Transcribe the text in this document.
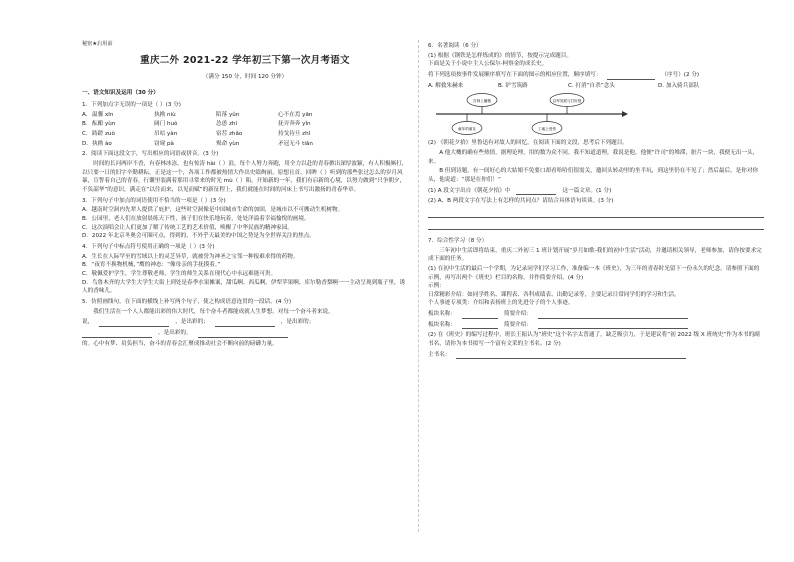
秘密★启用前

重庆二外 2021-22 学年初三下第一次月考语文

（满分 150 分，时间 120 分钟）

一、语文知识及运用（30 分）

1．下列加点字无误的一项是（ ）(3 分)

A. 温馨 xīn	执拗 niù	陌落 yǔn	心不在焉 yān
B. 酝酿 yùn	阔门 huò	怂恿 zhí	抚弄奔奔 yǐn
C. 踌蹉 zuò	吊唁 yàn	宿茬 zhǎo	持戈待旦 zhǐ
D. 执拗 ào	窃窥 pà	殒命 yùn	矛冠无斗 tiǎn

2．阅读下面这段文字，写出相应的词语或拼音。(3 分)

时间的长河两岸不香，有春林冰冻，也有惊涛 hài（ ）浪。每个人努力奔跑，用全力以赴的青春掀出深厚波颖，有人积极厮打，以只要一日的旧字辛勤耕耘，正是这一个，各项工作都被热情大作出史绩绚丽。原想且首，回眸（ ）听到的那些张过怎么的岁月风暴，宣誓着自己的青春，行囊里装满着那用寻常来的时光 mù（ ）陷。开始新的一年，我们有启新的心境，以努力做到“只争朝夕，不负韶华”的意识，满走在“以往而来，以见而赋”的新征程上，我们就能在时间的河床上书写出激扬的青春华章。

3．下列句子中加点的词语使用不恰当的一项是（ ）(3 分)

A．越南时空洞内先辈人提供了庇护，这些时空洞像是中国城市生命的加固，是城市以不可搬动生机树物。

B．公园里，老人们在放射晨练天下性，孩子们在快乐地玩着，处处洋溢着幸福愉悦的画境。

C．这次演唱会让人们更加了解了传统工艺的艺术价值，唤醒了中华民族的精神家园。

D．2022 年北京冬奥会可圈可点，得到的，不外乎天最美的中国之势是为全世界关注的焦点。

4．下列句子中标点符号使用正确的一项是（ ）(3 分)

A．生长在人际罕至的雪域以上的灵芝异草，就被誉为神圣之宝邻一种报难求得的药物。

B．“夜宵不换物机械，”鹰的神态：“像母亲的手抚摸着。”

C．敬佩爱护学生，学生尊敬老师，学生的师生关系在现代心中永远难能可贵。

D．鸟鲁木齐的大学生大学生大街上到处是春季水果摊案，甜瓜啊、西瓜啊、伊犁苹果啊、库尔勒香梨啊一一主动呈现到瓶子里，诱人的香味儿。

5．仿照画线句，在下面的横线上补写两个句子，使之构成语意连贯的一段话。(4 分)

我们生活在一个人人都能出彩的伟大时代，每个奋斗者都能成就人生梦想。对每一个奋斗者来说，

说，	，是出彩的；	，是出彩的；
，是出彩的。

的。心中有梦、肩负担当，奋斗的青春会汇聚成推动社会不断向前的磅礴力量。

6．名著阅读（6 分）

(1) 根据《钢铁是怎样炼成的》的情节，按提示完成题目。

下面是关于小说中主人公保尔·柯察金的成长史。

将下列选项按事件发展顺序填写在下面的图示的相应位置，顺序填写：	（序号）(2 分)
A. 解救朱赫来	B. 铲雪筑路	C. 打消“自杀”念头	D. 加入骑兵部队
在林上播粮	以军发展与打好基
童年的朋友	工地上受伤

(2) 《朝花夕拾》里鲁迅有对故人的回忆。在阅读下面的文段，思考后下列题目。

A 他大概的确有些热情，据理论理，用的数为众不同。我不知道道理，我说是他，他便“许司”的堆滞，脏片一块，我便无出一头，来。

B 但到诗题，有一间好心的大姑娘不免要口却看哈哈们很需关，邀回头转动里的坐半坑，到这里仍在不见了；然后最后，是你对你头，他说道：“那是在你们！”

(1) A 段文字出自《朝花夕拾》中	这一篇文章。(1 分)

(2) A、B 两段文字在写法上有怎样的共同点？请结合具体语句谈谈。(3 分)

7．综合性学习（8 分）

三年初中生活即将结束，重庆二外初三 1 班计划开展“岁月如歌-我们的初中生活”活动，并邀请相关领导，老师参加，请你按要求完成下面的任务。

(1) 在初中生活的最后一个学期，为记录同学们学习工作，准备编一本《班史》，为三年的青春时光留下一份永久的纪念。请参照下面的示例，再写出两个《班史》栏目的名称，并作简要介绍。(4 分)

示例：

日常精彩介绍：如同学姓名、课程表、各科成绩表、出勤记录等，主要记录日常同学们的学习和生活。

个人事迹专项类：介绍和表扬班上的先进分子的个人事迹。

板块名称：	简要介绍：
板块名称：	简要介绍：

(2) 在《班史》的编写过程中，班长王振认为“班史”这个名字太普通了，缺乏吸引力，于是建议将“初 2022 级 X 班统史”作为本书的副书名，请你为本书拟写一个富有文采的主书名。(2 分)

主书名：
